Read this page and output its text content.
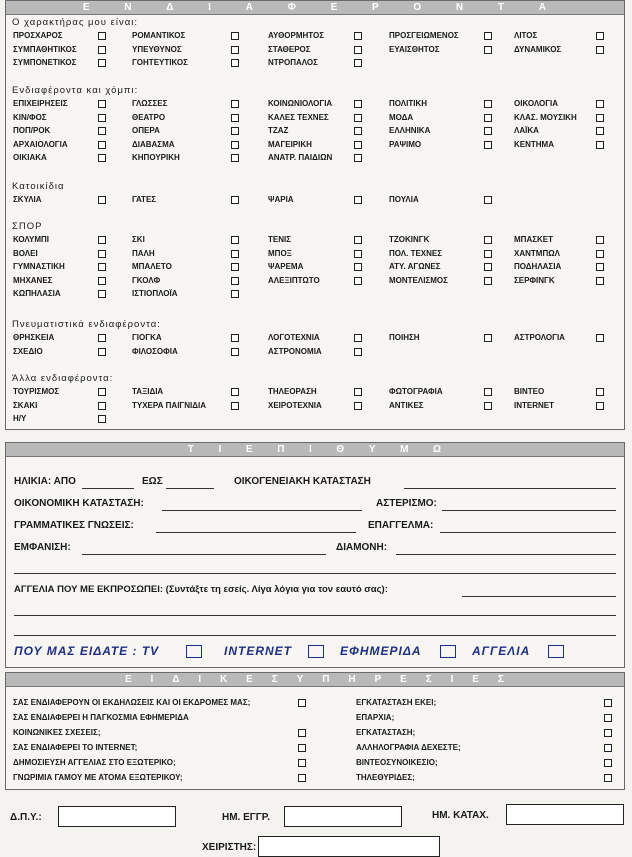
Ε	Ν	Δ	Ι	Α	Φ	Ε	Ρ	Ο	Ν	Τ	Α
Ο χαρακτήρας μου είναι:
ΠΡΟΣΧΑΡΟΣ	ΡΟΜΑΝΤΙΚΟΣ	ΑΥΘΟΡΜΗΤΟΣ	ΠΡΟΣΓΕΙΩΜΕΝΟΣ	ΛΙΤΟΣ
ΣΥΜΠΑΘΗΤΙΚΟΣ	ΥΠΕΥΘΥΝΟΣ	ΣΤΑΘΕΡΟΣ	ΕΥΑΙΣΘΗΤΟΣ	ΔΥΝΑΜΙΚΟΣ
ΣΥΜΠΟΝΕΤΙΚΟΣ	ΓΟΗΤΕΥΤΙΚΟΣ	ΝΤΡΟΠΑΛΟΣ
Ενδιαφέροντα και χόμπι:
ΕΠΙΧΕΙΡΗΣΕΙΣ	ΓΛΩΣΣΕΣ	ΚΟΙΝΩΝΙΟΛΟΓΙΑ	ΠΟΛΙΤΙΚΗ	ΟΙΚΟΛΟΓΙΑ
ΚΙΝ/ΦΟΣ	ΘΕΑΤΡΟ	ΚΑΛΕΣ ΤΕΧΝΕΣ	ΜΟΔΑ	ΚΛΑΣ. ΜΟΥΣΙΚΗ
ΠΟΠ/ΡΟΚ	ΟΠΕΡΑ	ΤΖΑΖ	ΕΛΛΗΝΙΚΑ	ΛΑΪΚΑ
ΑΡΧΑΙΟΛΟΓΙΑ	ΔΙΑΒΑΣΜΑ	ΜΑΓΕΙΡΙΚΗ	ΡΑΨΙΜΟ	ΚΕΝΤΗΜΑ
ΟΙΚΙΑΚΑ	ΚΗΠΟΥΡΙΚΗ	ΑΝΑΤΡ. ΠΑΙΔΙΩΝ
Κατοικίδια
ΣΚΥΛΙΑ	ΓΑΤΕΣ	ΨΑΡΙΑ	ΠΟΥΛΙΑ
ΣΠΟΡ
ΚΟΛΥΜΠΙ	ΣΚΙ	ΤΕΝΙΣ	ΤΖΟΚΙΝΓΚ	ΜΠΑΣΚΕΤ
ΒΟΛΕΙ	ΠΑΛΗ	ΜΠΟΞ	ΠΟΛ. ΤΕΧΝΕΣ	ΧΑΝΤΜΠΩΛ
ΓΥΜΝΑΣΤΙΚΗ	ΜΠΑΛΕΤΟ	ΨΑΡΕΜΑ	ΑΤΥ. ΑΓΩΝΕΣ	ΠΟΔΗΛΑΣΙΑ
ΜΗΧΑΝΕΣ	ΓΚΟΛΦ	ΑΛΕΞΙΠΤΩΤΟ	ΜΟΝΤΕΛΙΣΜΟΣ	ΣΕΡΦΙΝΓΚ
ΚΩΠΗΛΑΣΙΑ	ΙΣΤΙΟΠΛΟΪΑ
Πνευματιστικά ενδιαφέροντα:
ΘΡΗΣΚΕΙΑ	ΓΙΟΓΚΑ	ΛΟΓΟΤΕΧΝΙΑ	ΠΟΙΗΣΗ	ΑΣΤΡΟΛΟΓΙΑ
ΣΧΕΔΙΟ	ΦΙΛΟΣΟΦΙΑ	ΑΣΤΡΟΝΟΜΙΑ
Άλλα ενδιαφέροντα:
ΤΟΥΡΙΣΜΟΣ	ΤΑΞΙΔΙΑ	ΤΗΛΕΟΡΑΣΗ	ΦΩΤΟΓΡΑΦΙΑ	ΒΙΝΤΕΟ
ΣΚΑΚΙ	ΤΥΧΕΡΑ ΠΑΙΓΝΙΔΙΑ	ΧΕΙΡΟΤΕΧΝΙΑ	ΑΝΤΙΚΕΣ	INTERNET
Η/Υ
Τ Ι Ε Π Ι Θ Υ Μ Ω
ΗΛΙΚΙΑ: ΑΠΟ	ΕΩΣ	ΟΙΚΟΓΕΝΕΙΑΚΗ ΚΑΤΑΣΤΑΣΗ
ΟΙΚΟΝΟΜΙΚΗ ΚΑΤΑΣΤΑΣΗ:	ΑΣΤΕΡΙΣΜΟ:
ΓΡΑΜΜΑΤΙΚΕΣ ΓΝΩΣΕΙΣ:	ΕΠΑΓΓΕΛΜΑ:
ΕΜΦΑΝΙΣΗ:	ΔΙΑΜΟΝΗ:
ΑΓΓΕΛΙΑ ΠΟΥ ΜΕ ΕΚΠΡΟΣΩΠΕΙ: (Συντάξτε τη εσείς. Λίγα λόγια για τον εαυτό σας):
ΠΟΥ ΜΑΣ ΕΙΔΑΤΕ : TV	INTERNET	ΕΦΗΜΕΡΙΔΑ	ΑΓΓΕΛΙΑ
Ε Ι Δ Ι Κ Ε Σ Υ Π Η Ρ Ε Σ Ι Ε Σ
ΣΑΣ ΕΝΔΙΑΦΕΡΟΥΝ ΟΙ ΕΚΔΗΛΩΣΕΙΣ ΚΑΙ ΟΙ ΕΚΔΡΟΜΕΣ ΜΑΣ;
ΣΑΣ ΕΝΔΙΑΦΕΡΕΙ Η ΠΑΓΚΟΣΜΙΑ ΕΦΗΜΕΡΙΔΑ
ΚΟΙΝΩΝΙΚΕΣ ΣΧΕΣΕΙΣ;
ΣΑΣ ΕΝΔΙΑΦΕΡΕΙ ΤΟ INTERNET;
ΔΗΜΟΣΙΕΥΣΗ ΑΓΓΕΛΙΑΣ ΣΤΟ ΕΞΩΤΕΡΙΚΟ;
ΓΝΩΡΙΜΙΑ ΓΑΜΟΥ ΜΕ ΑΤΟΜΑ ΕΞΩΤΕΡΙΚΟΥ;
ΕΓΚΑΤΑΣΤΑΣΗ ΕΚΕΙ;
ΕΠΑΡΧΙΑ;
ΕΓΚΑΤΑΣΤΑΣΗ;
ΑΛΛΗΛΟΓΡΑΦΙΑ ΔΕΧΕΣΤΕ;
ΒΙΝΤΕΟΣΥΝΟΙΚΕΣΙΟ;
ΤΗΛΕΘΥΡΙΔΕΣ;
Δ.Π.Υ.:	ΗΜ. ΕΓΓΡ.	ΗΜ. ΚΑΤΑΧ.
ΧΕΙΡΙΣΤΗΣ:
